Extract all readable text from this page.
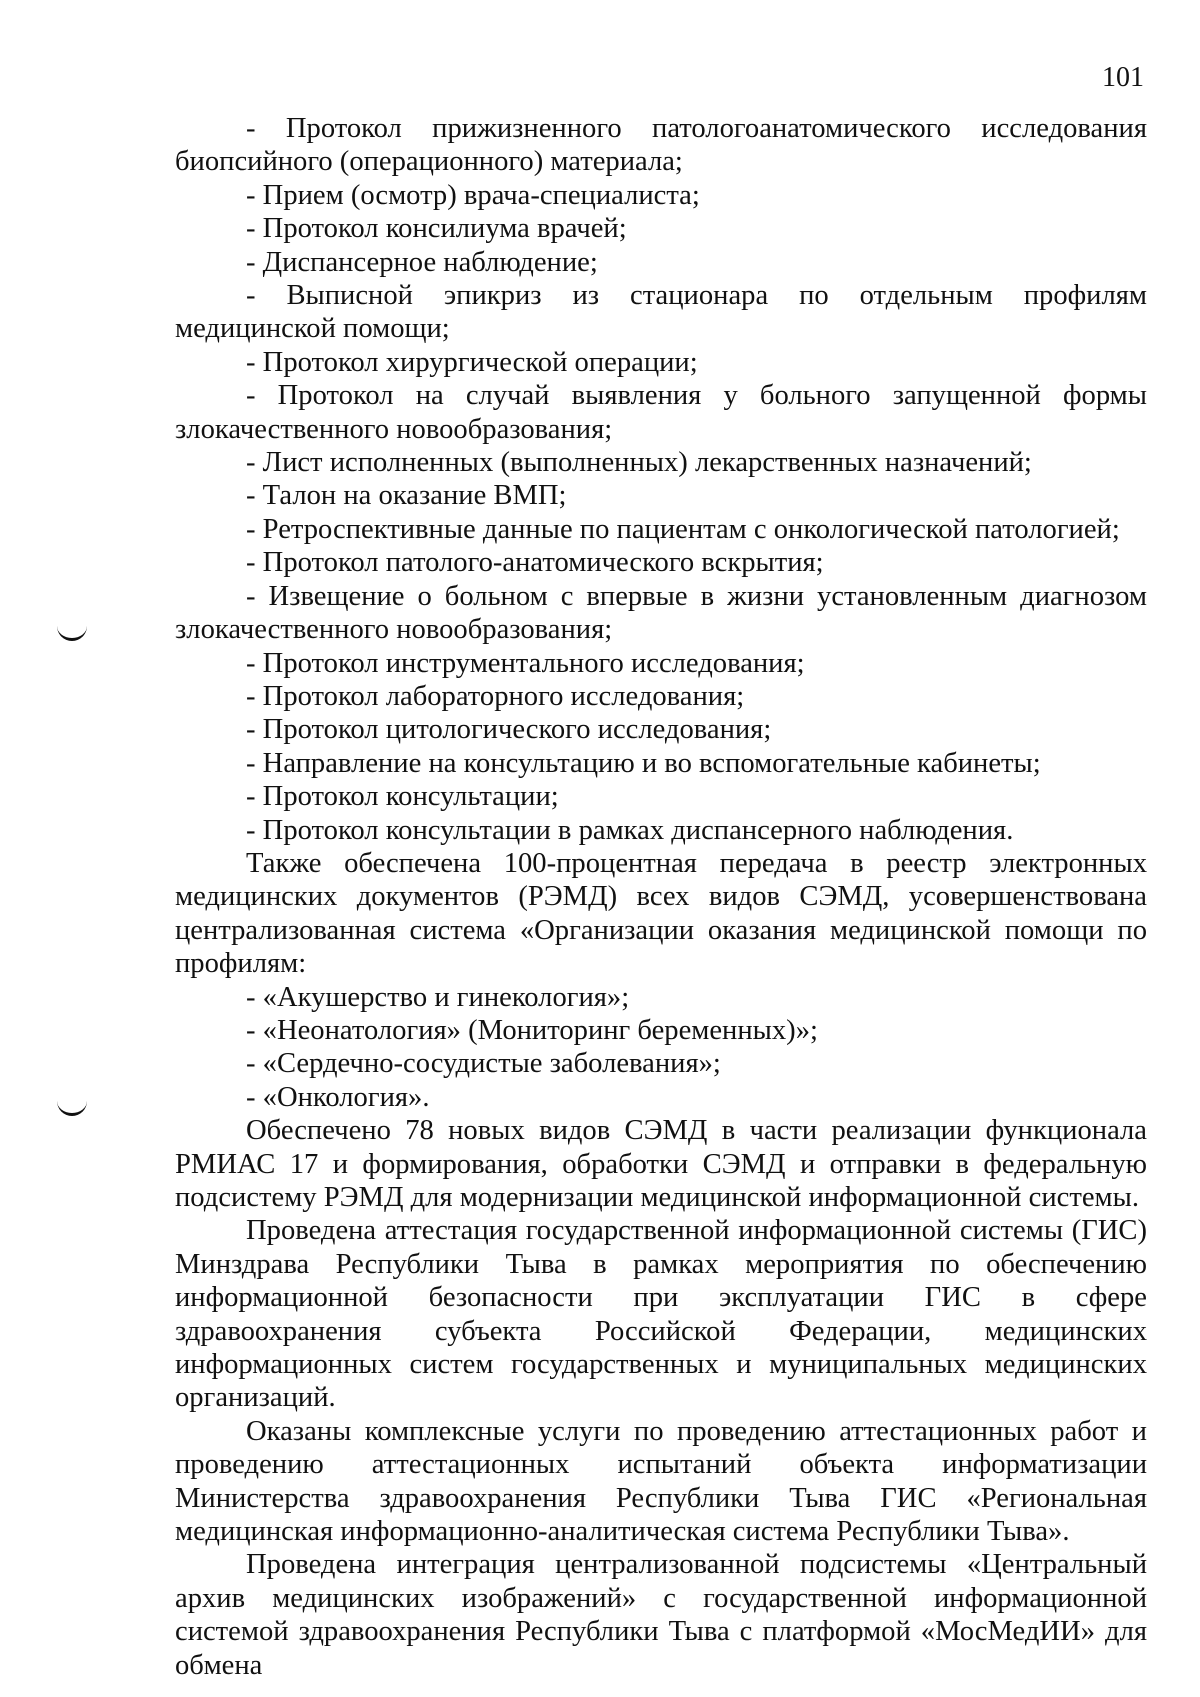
101

- Протокол прижизненного патологоанатомического исследования биопсийного (операционного) материала;

- Прием (осмотр) врача-специалиста;

- Протокол консилиума врачей;

- Диспансерное наблюдение;

- Выписной эпикриз из стационара по отдельным профилям медицинской помощи;

- Протокол хирургической операции;

- Протокол на случай выявления у больного запущенной формы злокачественного новообразования;

- Лист исполненных (выполненных) лекарственных назначений;

- Талон на оказание ВМП;

- Ретроспективные данные по пациентам с онкологической патологией;

- Протокол патолого-анатомического вскрытия;

- Извещение о больном с впервые в жизни установленным диагнозом злокачественного новообразования;

- Протокол инструментального исследования;

- Протокол лабораторного исследования;

- Протокол цитологического исследования;

- Направление на консультацию и во вспомогательные кабинеты;

- Протокол консультации;

- Протокол консультации в рамках диспансерного наблюдения.

Также обеспечена 100-процентная передача в реестр электронных медицинских документов (РЭМД) всех видов СЭМД, усовершенствована централизованная система «Организации оказания медицинской помощи по профилям:

- «Акушерство и гинекология»;

- «Неонатология» (Мониторинг беременных)»;

- «Сердечно-сосудистые заболевания»;

- «Онкология».

Обеспечено 78 новых видов СЭМД в части реализации функционала РМИАС 17 и формирования, обработки СЭМД и отправки в федеральную подсистему РЭМД для модернизации медицинской информационной системы.

Проведена аттестация государственной информационной системы (ГИС) Минздрава Республики Тыва в рамках мероприятия по обеспечению информационной безопасности при эксплуатации ГИС в сфере здравоохранения субъекта Российской Федерации, медицинских информационных систем государственных и муниципальных медицинских организаций.

Оказаны комплексные услуги по проведению аттестационных работ и проведению аттестационных испытаний объекта информатизации Министерства здравоохранения Республики Тыва ГИС «Региональная медицинская информационно-аналитическая система Республики Тыва».

Проведена интеграция централизованной подсистемы «Центральный архив медицинских изображений» с государственной информационной системой здравоохранения Республики Тыва с платформой «МосМедИИ» для обмена
